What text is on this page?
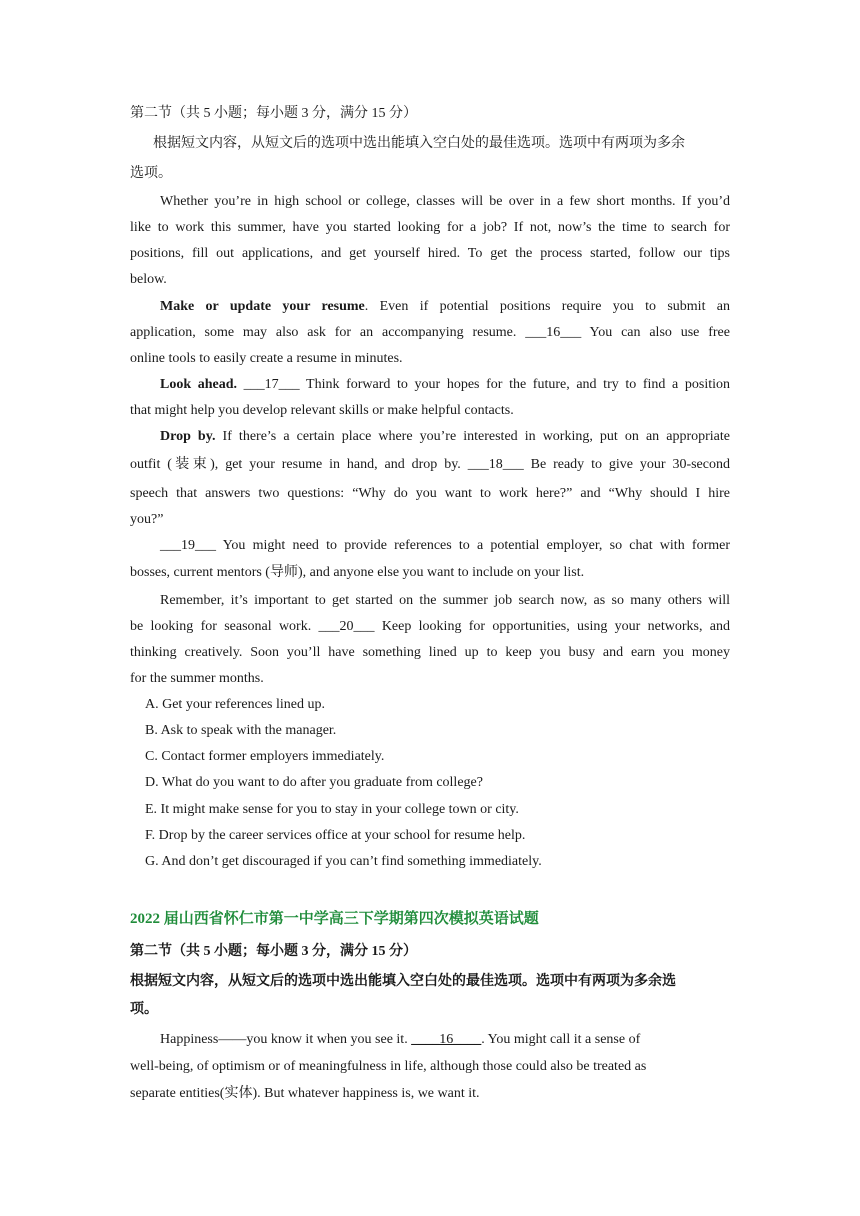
第二节（共 5 小题；每小题 3 分，满分 15 分）
根据短文内容，从短文后的选项中选出能填入空白处的最佳选项。选项中有两项为多余
选项。
Whether you’re in high school or college, classes will be over in a few short months. If you’d
like to work this summer, have you started looking for a job? If not, now’s the time to search for
positions, fill out applications, and get yourself hired. To get the process started, follow our tips
below.
Make or update your resume. Even if potential positions require you to submit an
application, some may also ask for an accompanying resume. ___16___ You can also use free
online tools to easily create a resume in minutes.
Look ahead. ___17___ Think forward to your hopes for the future, and try to find a position
that might help you develop relevant skills or make helpful contacts.
Drop by. If there’s a certain place where you’re interested in working, put on an appropriate
outfit (装束), get your resume in hand, and drop by. ___18___ Be ready to give your 30-second
speech that answers two questions: “Why do you want to work here?” and “Why should I hire
you?”
___19___ You might need to provide references to a potential employer, so chat with former
bosses, current mentors (导师), and anyone else you want to include on your list.
Remember, it’s important to get started on the summer job search now, as so many others will
be looking for seasonal work. ___20___ Keep looking for opportunities, using your networks, and
thinking creatively. Soon you’ll have something lined up to keep you busy and earn you money
for the summer months.
A. Get your references lined up.
B. Ask to speak with the manager.
C. Contact former employers immediately.
D. What do you want to do after you graduate from college?
E. It might make sense for you to stay in your college town or city.
F. Drop by the career services office at your school for resume help.
G. And don’t get discouraged if you can’t find something immediately.
2022 届山西省怀仁市第一中学高三下学期第四次模拟英语试题
第二节（共 5 小题；每小题 3 分，满分 15 分）
根据短文内容，从短文后的选项中选出能填入空白处的最佳选项。选项中有两项为多余选
项。
Happiness——you know it when you see it. ____16____. You might call it a sense of
well-being, of optimism or of meaningfulness in life, although those could also be treated as
separate entities(实体). But whatever happiness is, we want it.
